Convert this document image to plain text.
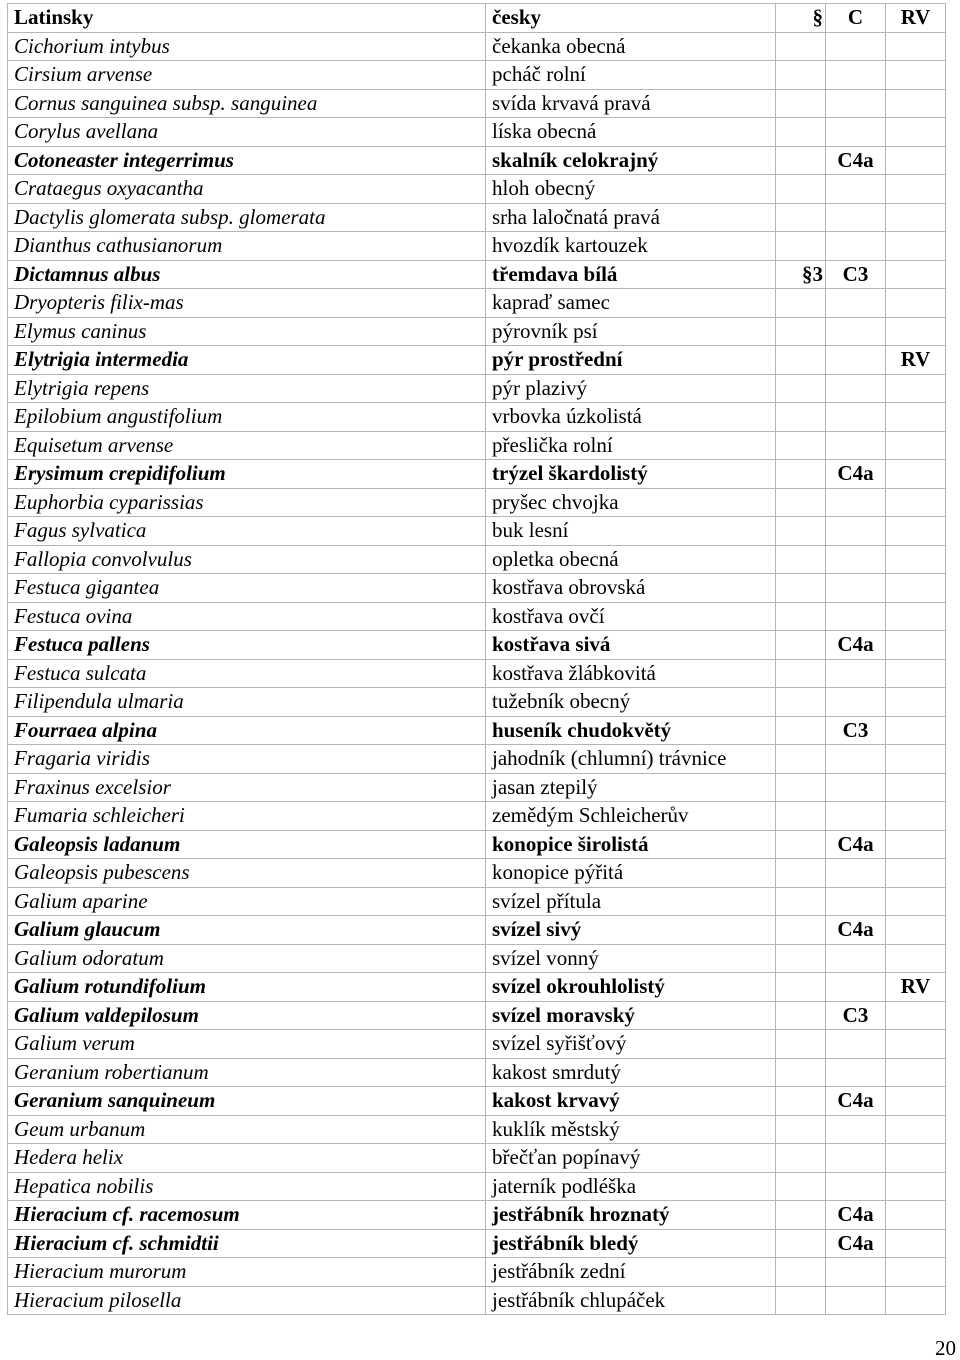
Latinsky	česky	§	C	RV
Cichorium intybus	čekanka obecná			
Cirsium arvense	pcháč rolní			
Cornus sanguinea subsp. sanguinea	svída krvavá pravá			
Corylus avellana	líska obecná			
Cotoneaster integerrimus	skalník celokrajný		C4a	
Crataegus oxyacantha	hloh obecný			
Dactylis glomerata subsp. glomerata	srha laločnatá pravá			
Dianthus cathusianorum	hvozdík kartouzek			
Dictamnus albus	třemdava bílá	§3	C3	
Dryopteris filix-mas	kapraď samec			
Elymus caninus	pýrovník psí			
Elytrigia intermedia	pýr prostřední			RV
Elytrigia repens	pýr plazivý			
Epilobium angustifolium	vrbovka úzkolistá			
Equisetum arvense	přeslička rolní			
Erysimum crepidifolium	trýzel škardolistý		C4a	
Euphorbia cyparissias	pryšec chvojka			
Fagus sylvatica	buk lesní			
Fallopia convolvulus	opletka obecná			
Festuca gigantea	kostřava obrovská			
Festuca ovina	kostřava ovčí			
Festuca pallens	kostřava sivá		C4a	
Festuca sulcata	kostřava žlábkovitá			
Filipendula ulmaria	tužebník obecný			
Fourraea alpina	huseník chudokvětý		C3	
Fragaria viridis	jahodník (chlumní) trávnice			
Fraxinus excelsior	jasan ztepilý			
Fumaria schleicheri	zemědým Schleicherův			
Galeopsis ladanum	konopice širolistá		C4a	
Galeopsis pubescens	konopice pýřitá			
Galium aparine	svízel přítula			
Galium glaucum	svízel sivý		C4a	
Galium odoratum	svízel vonný			
Galium rotundifolium	svízel okrouhlolistý			RV
Galium valdepilosum	svízel moravský		C3	
Galium verum	svízel syřišťový			
Geranium robertianum	kakost smrdutý			
Geranium sanquineum	kakost krvavý		C4a	
Geum urbanum	kuklík městský			
Hedera helix	břečťan popínavý			
Hepatica nobilis	jaterník podléška			
Hieracium cf. racemosum	jestřábník hroznatý		C4a	
Hieracium cf. schmidtii	jestřábník bledý		C4a	
Hieracium murorum	jestřábník zední			
Hieracium pilosella	jestřábník chlupáček			
20
